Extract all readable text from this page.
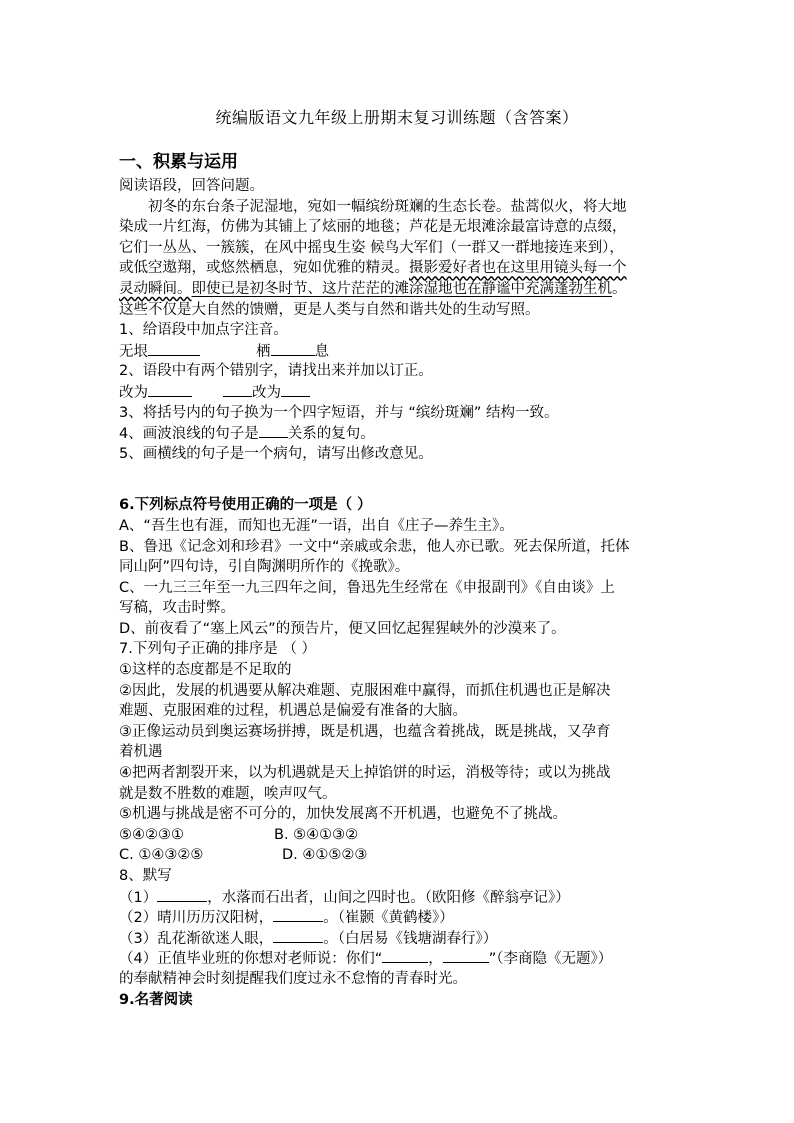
统编版语文九年级上册期末复习训练题（含答案）
一、积累与运用
阅读语段，回答问题。
初冬的东台条子泥湿地，宛如一幅缤纷斑斓的生态长卷。盐蒿似火，将大地
染成一片红海，仿佛为其铺上了炫丽的地毯；芦花是无垠滩涂最富诗意的点缀，
它们一丛丛、一簇簇，在风中摇曳生姿 候鸟大军们（一群又一群地接连来到），
或低空遨翔，或悠然栖息，宛如优雅的精灵。摄影爱好者也在这里用镜头每一个
灵动瞬间。即使已是初冬时节、这片茫茫的滩涂湿地也在静谧中充满蓬勃生机。
这些不仅是大自然的馈赠，更是人类与自然和谐共处的生动写照。
1、给语段中加点字注音。
无垠	栖	息
2、语段中有两个错别字，请找出来并加以订正。
改为	改为
3、将括号内的句子换为一个四字短语，并与 “缤纷斑斓” 结构一致。
4、画波浪线的句子是 关系的复句。
5、画横线的句子是一个病句，请写出修改意见。
6.下列标点符号使用正确的一项是（ ）
A、“吾生也有涯，而知也无涯”一语，出自《庄子—养生主》。
B、鲁迅《记念刘和珍君》一文中“亲戚或余悲，他人亦已歌。死去保所道，托体
同山阿”四句诗，引自陶渊明所作的《挽歌》。
C、一九三三年至一九三四年之间，鲁迅先生经常在《申报副刊》《自由谈》上
写稿，攻击时弊。
D、前夜看了“塞上风云”的预告片，便又回忆起猩猩峡外的沙漠来了。
7.下列句子正确的排序是 （ ）
①这样的态度都是不足取的
②因此，发展的机遇要从解决难题、克服困难中赢得，而抓住机遇也正是解决
难题、克服困难的过程，机遇总是偏爱有准备的大脑。
③正像运动员到奥运赛场拼搏，既是机遇，也蕴含着挑战，既是挑战，又孕育
着机遇
④把两者割裂开来，以为机遇就是天上掉馅饼的时运，消极等待；或以为挑战
就是数不胜数的难题，唉声叹气。
⑤机遇与挑战是密不可分的，加快发展离不开机遇，也避免不了挑战。
⑤④②③①	B. ⑤④①③②
C. ①④③②⑤	D. ④①⑤②③
8、默写
（1）	，水落而石出者，山间之四时也。（欧阳修《醉翁亭记》）
（2）晴川历历汉阳树，	。（崔颢《黄鹤楼》）
（3）乱花渐欲迷人眼，	。（白居易《钱塘湖春行》）
（4）正值毕业班的你想对老师说：你们“	，	”（李商隐《无题》）
的奉献精神会时刻提醒我们度过永不怠惰的青春时光。
9.名著阅读
